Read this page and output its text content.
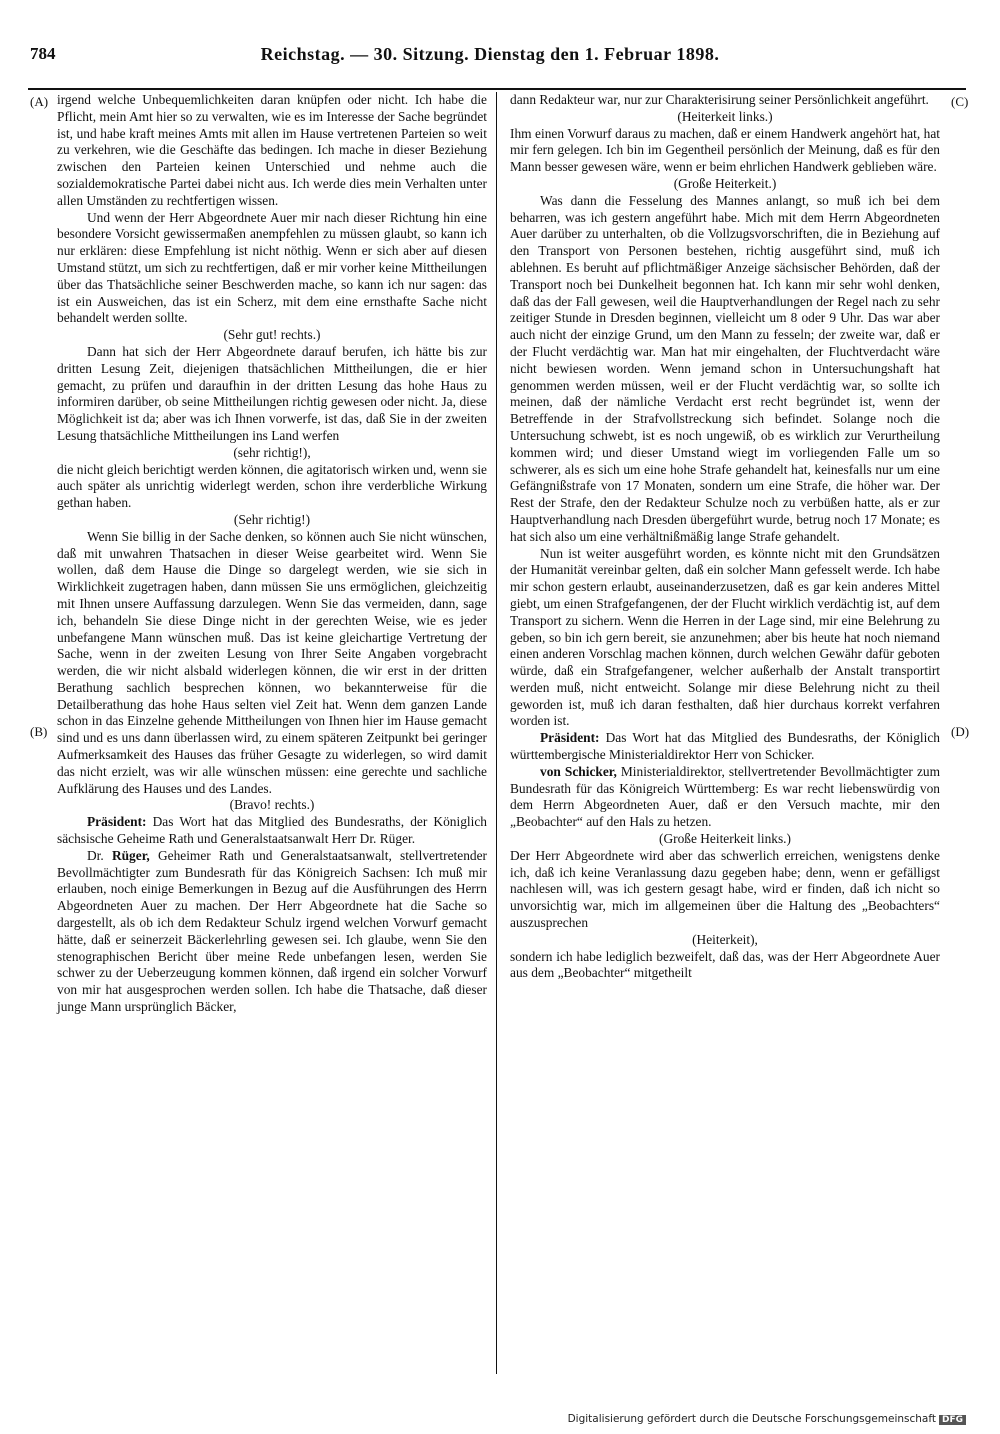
784	Reichstag. — 30. Sitzung. Dienstag den 1. Februar 1898.
(A)
(B)
(C)
(D)

irgend welche Unbequemlichkeiten daran knüpfen oder nicht. Ich habe die Pflicht, mein Amt hier so zu verwalten, wie es im Interesse der Sache begründet ist, und habe kraft meines Amts mit allen im Hause vertretenen Parteien so weit zu verkehren, wie die Geschäfte das bedingen. Ich mache in dieser Beziehung zwischen den Parteien keinen Unterschied und nehme auch die sozialdemokratische Partei dabei nicht aus. Ich werde dies mein Verhalten unter allen Umständen zu rechtfertigen wissen.

Und wenn der Herr Abgeordnete Auer mir nach dieser Richtung hin eine besondere Vorsicht gewissermaßen anempfehlen zu müssen glaubt, so kann ich nur erklären: diese Empfehlung ist nicht nöthig. Wenn er sich aber auf diesen Umstand stützt, um sich zu rechtfertigen, daß er mir vorher keine Mittheilungen über das Thatsächliche seiner Beschwerden mache, so kann ich nur sagen: das ist ein Ausweichen, das ist ein Scherz, mit dem eine ernsthafte Sache nicht behandelt werden sollte.

(Sehr gut! rechts.)

Dann hat sich der Herr Abgeordnete darauf berufen, ich hätte bis zur dritten Lesung Zeit, diejenigen thatsächlichen Mittheilungen, die er hier gemacht, zu prüfen und daraufhin in der dritten Lesung das hohe Haus zu informiren darüber, ob seine Mittheilungen richtig gewesen oder nicht. Ja, diese Möglichkeit ist da; aber was ich Ihnen vorwerfe, ist das, daß Sie in der zweiten Lesung thatsächliche Mittheilungen ins Land werfen

(sehr richtig!),

die nicht gleich berichtigt werden können, die agitatorisch wirken und, wenn sie auch später als unrichtig widerlegt werden, schon ihre verderbliche Wirkung gethan haben.

(Sehr richtig!)

Wenn Sie billig in der Sache denken, so können auch Sie nicht wünschen, daß mit unwahren Thatsachen in dieser Weise gearbeitet wird. Wenn Sie wollen, daß dem Hause die Dinge so dargelegt werden, wie sie sich in Wirklichkeit zugetragen haben, dann müssen Sie uns ermöglichen, gleichzeitig mit Ihnen unsere Auffassung darzulegen. Wenn Sie das vermeiden, dann, sage ich, behandeln Sie diese Dinge nicht in der gerechten Weise, wie es jeder unbefangene Mann wünschen muß. Das ist keine gleichartige Vertretung der Sache, wenn in der zweiten Lesung von Ihrer Seite Angaben vorgebracht werden, die wir nicht alsbald widerlegen können, die wir erst in der dritten Berathung sachlich besprechen können, wo bekannterweise für die Detailberathung das hohe Haus selten viel Zeit hat. Wenn dem ganzen Lande schon in das Einzelne gehende Mittheilungen von Ihnen hier im Hause gemacht sind und es uns dann überlassen wird, zu einem späteren Zeitpunkt bei geringer Aufmerksamkeit des Hauses das früher Gesagte zu widerlegen, so wird damit das nicht erzielt, was wir alle wünschen müssen: eine gerechte und sachliche Aufklärung des Hauses und des Landes.

(Bravo! rechts.)

Präsident: Das Wort hat das Mitglied des Bundesraths, der Königlich sächsische Geheime Rath und Generalstaatsanwalt Herr Dr. Rüger.

Dr. Rüger, Geheimer Rath und Generalstaatsanwalt, stellvertretender Bevollmächtigter zum Bundesrath für das Königreich Sachsen: Ich muß mir erlauben, noch einige Bemerkungen in Bezug auf die Ausführungen des Herrn Abgeordneten Auer zu machen. Der Herr Abgeordnete hat die Sache so dargestellt, als ob ich dem Redakteur Schulz irgend welchen Vorwurf gemacht hätte, daß er seinerzeit Bäckerlehrling gewesen sei. Ich glaube, wenn Sie den stenographischen Bericht über meine Rede unbefangen lesen, werden Sie schwer zu der Ueberzeugung kommen können, daß irgend ein solcher Vorwurf von mir hat ausgesprochen werden sollen. Ich habe die Thatsache, daß dieser junge Mann ursprünglich Bäcker,

dann Redakteur war, nur zur Charakterisirung seiner Persönlichkeit angeführt.

(Heiterkeit links.)

Ihm einen Vorwurf daraus zu machen, daß er einem Handwerk angehört hat, hat mir fern gelegen. Ich bin im Gegentheil persönlich der Meinung, daß es für den Mann besser gewesen wäre, wenn er beim ehrlichen Handwerk geblieben wäre.

(Große Heiterkeit.)

Was dann die Fesselung des Mannes anlangt, so muß ich bei dem beharren, was ich gestern angeführt habe. Mich mit dem Herrn Abgeordneten Auer darüber zu unterhalten, ob die Vollzugsvorschriften, die in Beziehung auf den Transport von Personen bestehen, richtig ausgeführt sind, muß ich ablehnen. Es beruht auf pflichtmäßiger Anzeige sächsischer Behörden, daß der Transport noch bei Dunkelheit begonnen hat. Ich kann mir sehr wohl denken, daß das der Fall gewesen, weil die Hauptverhandlungen der Regel nach zu sehr zeitiger Stunde in Dresden beginnen, vielleicht um 8 oder 9 Uhr. Das war aber auch nicht der einzige Grund, um den Mann zu fesseln; der zweite war, daß er der Flucht verdächtig war. Man hat mir eingehalten, der Fluchtverdacht wäre nicht bewiesen worden. Wenn jemand schon in Untersuchungshaft hat genommen werden müssen, weil er der Flucht verdächtig war, so sollte ich meinen, daß der nämliche Verdacht erst recht begründet ist, wenn der Betreffende in der Strafvollstreckung sich befindet. Solange noch die Untersuchung schwebt, ist es noch ungewiß, ob es wirklich zur Verurtheilung kommen wird; und dieser Umstand wiegt im vorliegenden Falle um so schwerer, als es sich um eine hohe Strafe gehandelt hat, keinesfalls nur um eine Gefängnißstrafe von 17 Monaten, sondern um eine Strafe, die höher war. Der Rest der Strafe, den der Redakteur Schulze noch zu verbüßen hatte, als er zur Hauptverhandlung nach Dresden übergeführt wurde, betrug noch 17 Monate; es hat sich also um eine verhältnißmäßig lange Strafe gehandelt.

Nun ist weiter ausgeführt worden, es könnte nicht mit den Grundsätzen der Humanität vereinbar gelten, daß ein solcher Mann gefesselt werde. Ich habe mir schon gestern erlaubt, auseinanderzusetzen, daß es gar kein anderes Mittel giebt, um einen Strafgefangenen, der der Flucht wirklich verdächtig ist, auf dem Transport zu sichern. Wenn die Herren in der Lage sind, mir eine Belehrung zu geben, so bin ich gern bereit, sie anzunehmen; aber bis heute hat noch niemand einen anderen Vorschlag machen können, durch welchen Gewähr dafür geboten würde, daß ein Strafgefangener, welcher außerhalb der Anstalt transportirt werden muß, nicht entweicht. Solange mir diese Belehrung nicht zu theil geworden ist, muß ich daran festhalten, daß hier durchaus korrekt verfahren worden ist.

Präsident: Das Wort hat das Mitglied des Bundesraths, der Königlich württembergische Ministerialdirektor Herr von Schicker.

von Schicker, Ministerialdirektor, stellvertretender Bevollmächtigter zum Bundesrath für das Königreich Württemberg: Es war recht liebenswürdig von dem Herrn Abgeordneten Auer, daß er den Versuch machte, mir den „Beobachter“ auf den Hals zu hetzen.

(Große Heiterkeit links.)

Der Herr Abgeordnete wird aber das schwerlich erreichen, wenigstens denke ich, daß ich keine Veranlassung dazu gegeben habe; denn, wenn er gefälligst nachlesen will, was ich gestern gesagt habe, wird er finden, daß ich nicht so unvorsichtig war, mich im allgemeinen über die Haltung des „Beobachters“ auszusprechen

(Heiterkeit),

sondern ich habe lediglich bezweifelt, daß das, was der Herr Abgeordnete Auer aus dem „Beobachter“ mitgetheilt

Digitalisierung gefördert durch die Deutsche Forschungsgemeinschaft DFG
